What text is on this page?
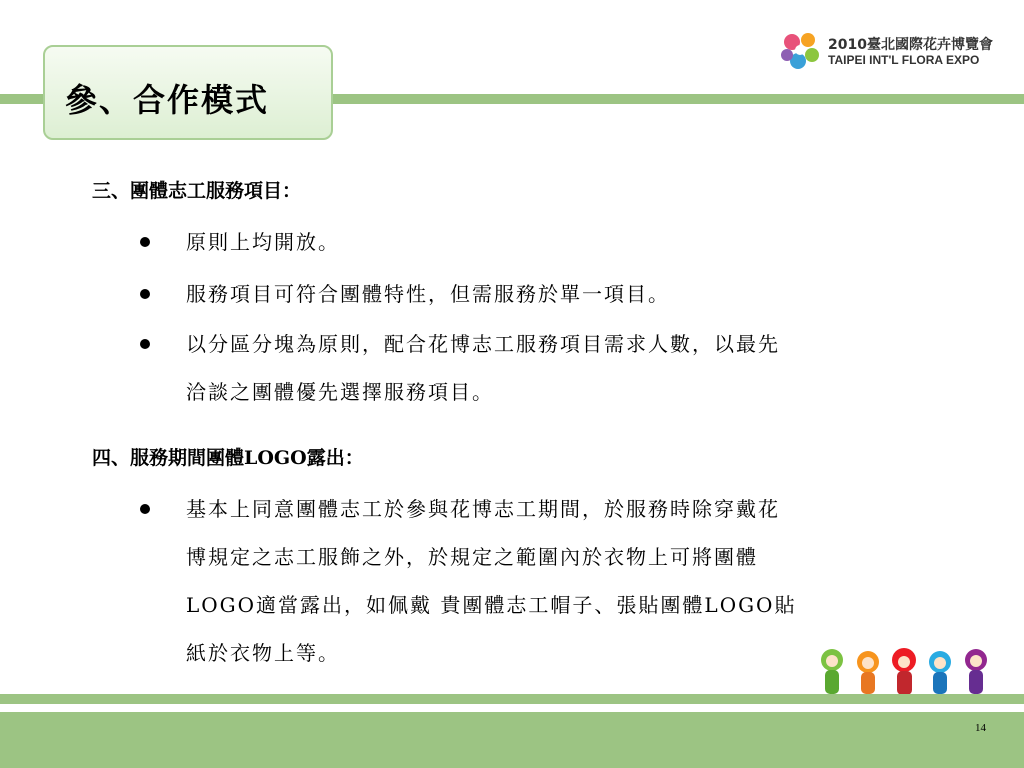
參、合作模式
2010臺北國際花卉博覽會
TAIPEI INT'L FLORA EXPO
三、團體志工服務項目：
原則上均開放。
服務項目可符合團體特性，但需服務於單一項目。
以分區分塊為原則，配合花博志工服務項目需求人數，以最先
洽談之團體優先選擇服務項目。
四、服務期間團體LOGO露出：
基本上同意團體志工於參與花博志工期間，於服務時除穿戴花
博規定之志工服飾之外，於規定之範圍內於衣物上可將團體
LOGO適當露出，如佩戴 貴團體志工帽子、張貼團體LOGO貼
紙於衣物上等。
14
